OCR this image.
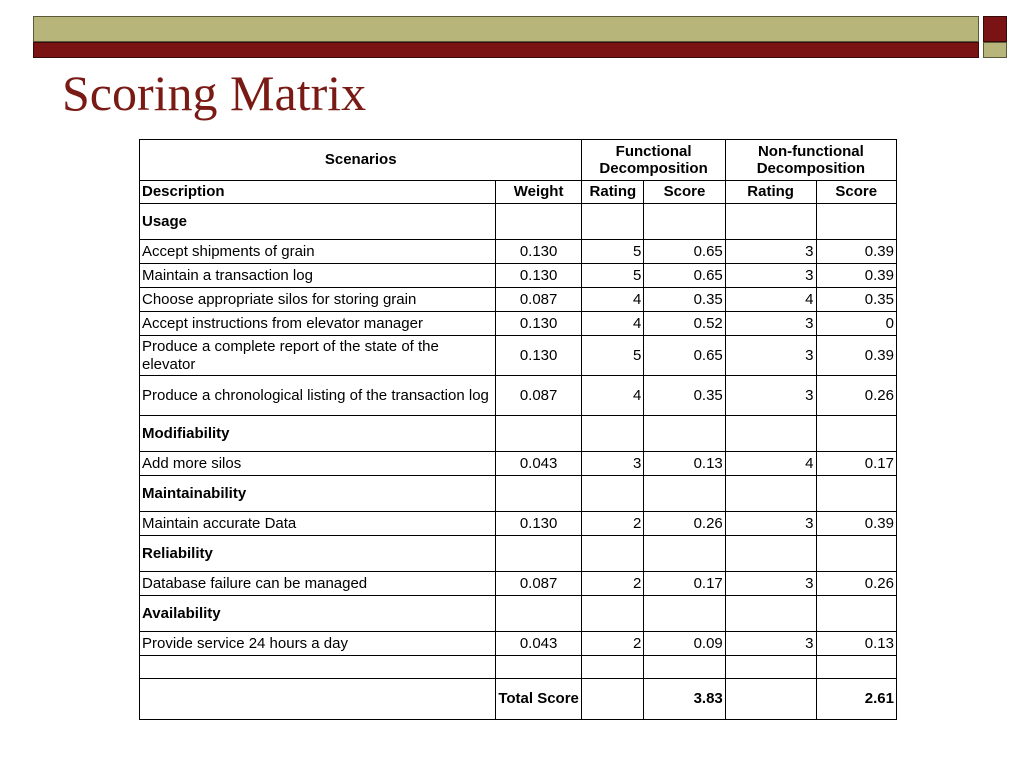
Scoring Matrix
Scenarios		Functional Decomposition		Non-functional Decomposition	
Description	Weight	Rating	Score	Rating	Score
Usage					
Accept shipments of grain	0.130	5	0.65	3	0.39
Maintain a transaction log	0.130	5	0.65	3	0.39
Choose appropriate silos for storing grain	0.087	4	0.35	4	0.35
Accept instructions from elevator manager	0.130	4	0.52	3	0
Produce a complete report of the state of the elevator	0.130	5	0.65	3	0.39
Produce a chronological listing of the transaction log	0.087	4	0.35	3	0.26
Modifiability					
Add more silos	0.043	3	0.13	4	0.17
Maintainability					
Maintain accurate Data	0.130	2	0.26	3	0.39
Reliability					
Database failure can be managed	0.087	2	0.17	3	0.26
Availability					
Provide service 24 hours a day	0.043	2	0.09	3	0.13

	Total Score		3.83		2.61
